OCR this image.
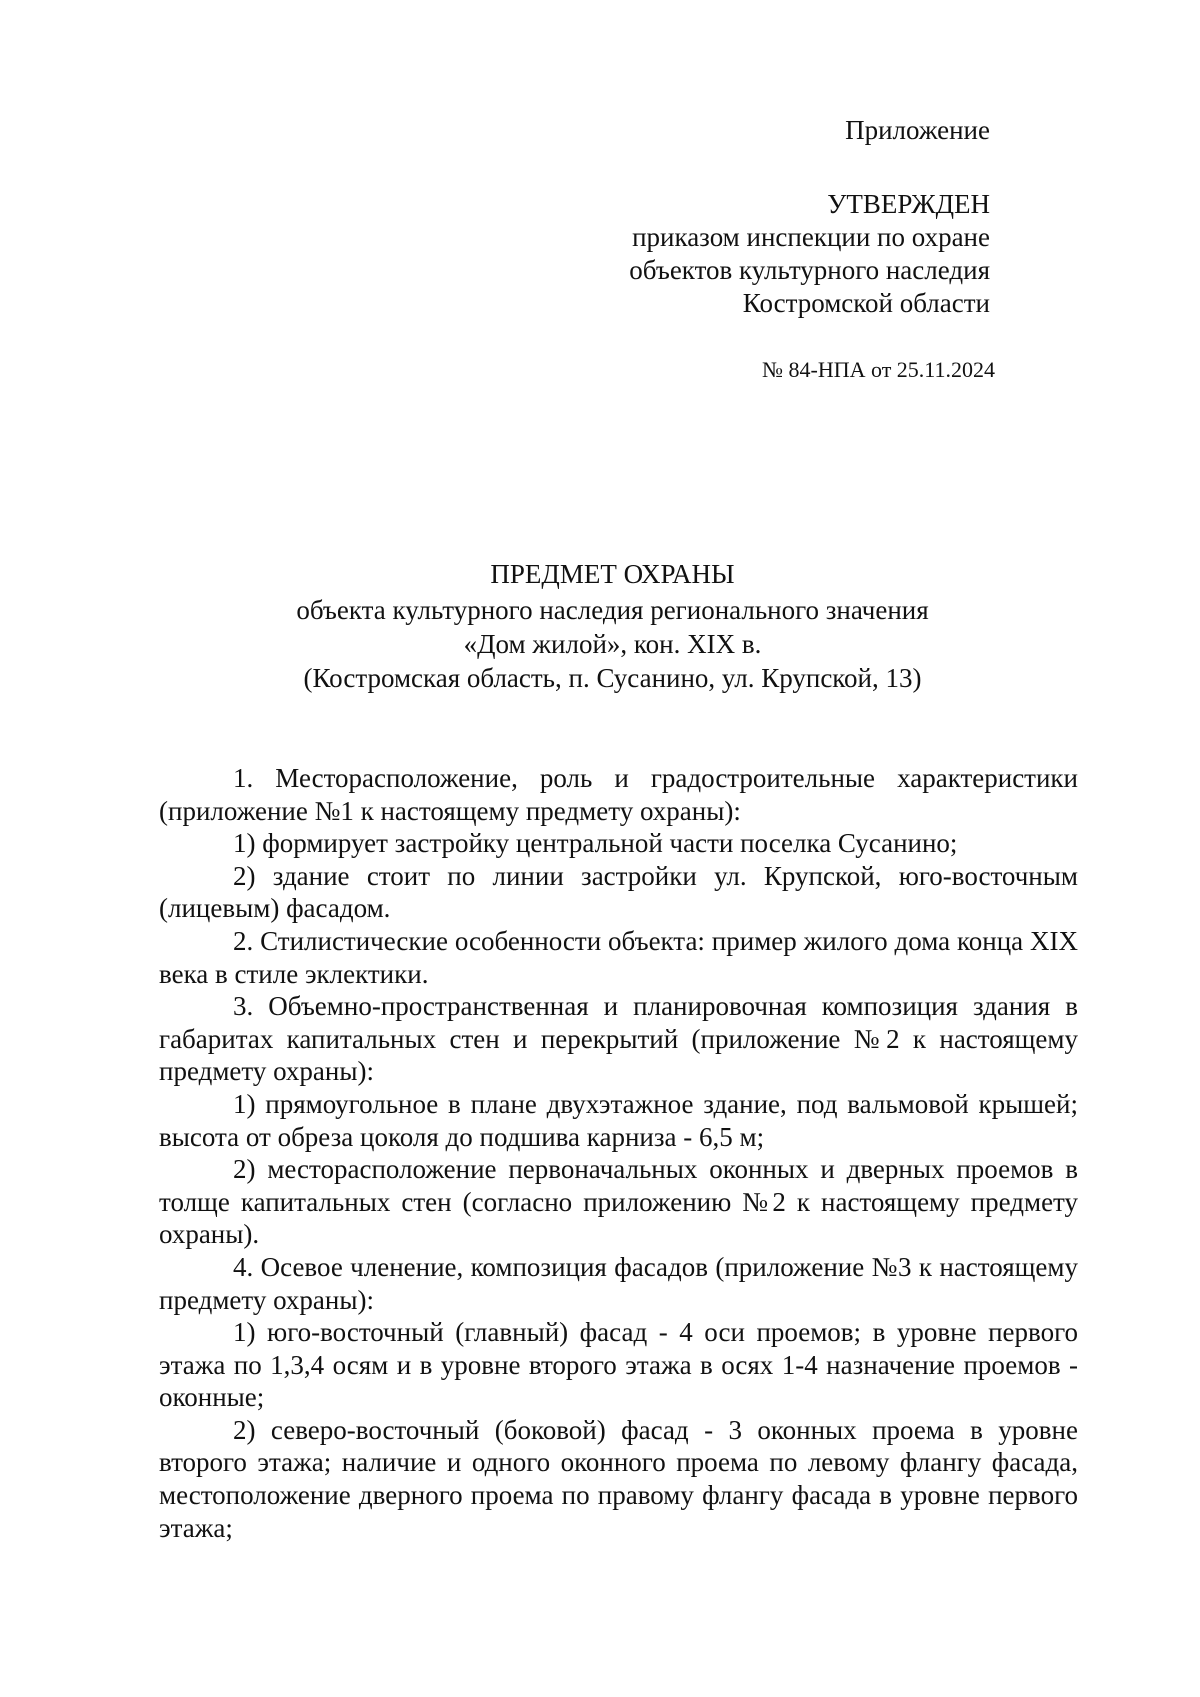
Приложение
УТВЕРЖДЕН
приказом инспекции по охране
объектов культурного наследия
Костромской области
№ 84-НПА от 25.11.2024
ПРЕДМЕТ ОХРАНЫ
объекта культурного наследия регионального значения
«Дом жилой», кон. XIX в.
(Костромская область, п. Сусанино, ул. Крупской, 13)

1. Месторасположение, роль и градостроительные характеристики (приложение №1 к настоящему предмету охраны):

1) формирует застройку центральной части поселка Сусанино;

2) здание стоит по линии застройки ул. Крупской, юго-восточным (лицевым) фасадом.

2. Стилистические особенности объекта: пример жилого дома конца XIX века в стиле эклектики.

3. Объемно-пространственная и планировочная композиция здания в габаритах капитальных стен и перекрытий (приложение №2 к настоящему предмету охраны):

1) прямоугольное в плане двухэтажное здание, под вальмовой крышей; высота от обреза цоколя до подшива карниза - 6,5 м;

2) месторасположение первоначальных оконных и дверных проемов в толще капитальных стен (согласно приложению №2 к настоящему предмету охраны).

4. Осевое членение, композиция фасадов (приложение №3 к настоящему предмету охраны):

1) юго-восточный (главный) фасад - 4 оси проемов; в уровне первого этажа по 1,3,4 осям и в уровне второго этажа в осях 1-4 назначение проемов - оконные;

2) северо-восточный (боковой) фасад - 3 оконных проема в уровне второго этажа; наличие и одного оконного проема по левому флангу фасада, местоположение дверного проема по правому флангу фасада в уровне первого этажа;
